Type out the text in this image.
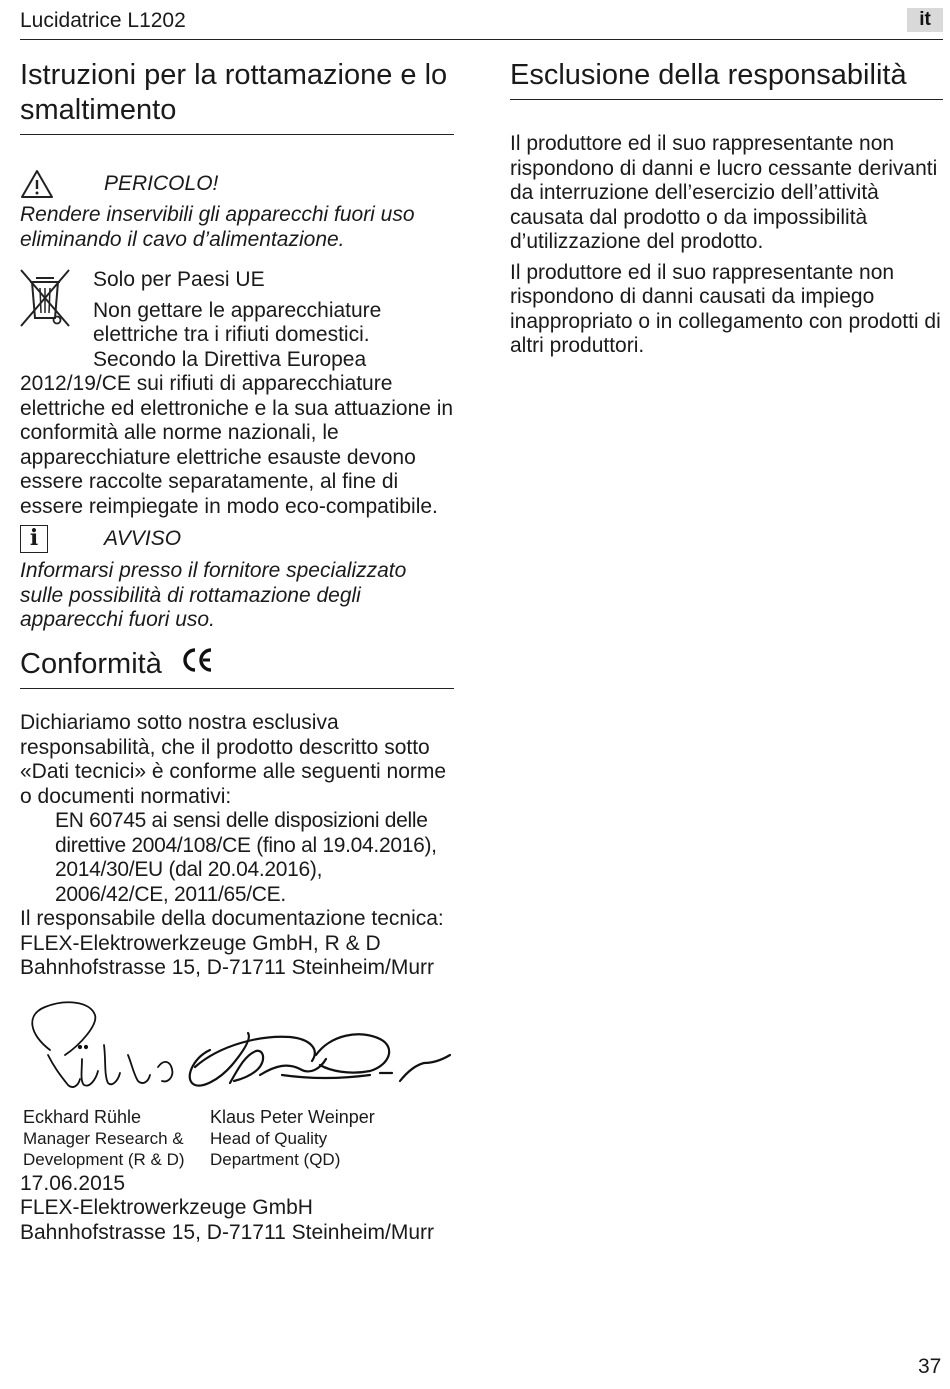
Lucidatrice L1202	it
Istruzioni per la rottamazione e lo smaltimento
PERICOLO!

Rendere inservibili gli apparecchi fuori uso eliminando il cavo d’alimentazione.

Solo per Paesi UE

Non gettare le apparecchiature elettriche tra i rifiuti domestici.

Secondo la Direttiva Europea 2012/19/CE sui rifiuti di apparecchiature elettriche ed elettroniche e la sua attuazione in conformità alle norme nazionali, le apparecchiature elettriche esauste devono essere raccolte separatamente, al fine di essere reimpiegate in modo eco-compatibile.

i	AVVISO

Informarsi presso il fornitore specializzato sulle possibilità di rottamazione degli apparecchi fuori uso.

Conformità

Dichiariamo sotto nostra esclusiva responsabilità, che il prodotto descritto sotto «Dati tecnici» è conforme alle seguenti norme o documenti normativi:

EN 60745 ai sensi delle disposizioni delle
direttive 2004/108/CE (fino al 19.04.2016),
2014/30/EU (dal 20.04.2016),
2006/42/CE, 2011/65/CE.

Il responsabile della documentazione tecnica:

FLEX-Elektrowerkzeuge GmbH, R & D

Bahnhofstrasse 15, D-71711 Steinheim/Murr

Eckhard Rühle
Manager Research &
Development (R & D)
Klaus Peter Weinper
Head of Quality
Department (QD)

17.06.2015

FLEX-Elektrowerkzeuge GmbH

Bahnhofstrasse 15, D-71711 Steinheim/Murr

Esclusione della responsabilità

Il produttore ed il suo rappresentante non rispondono di danni e lucro cessante derivanti da interruzione dell’esercizio dell’attività causata dal prodotto o da impossibilità d’utilizzazione del prodotto.

Il produttore ed il suo rappresentante non rispondono di danni causati da impiego inappropriato o in collegamento con prodotti di altri produttori.

37
